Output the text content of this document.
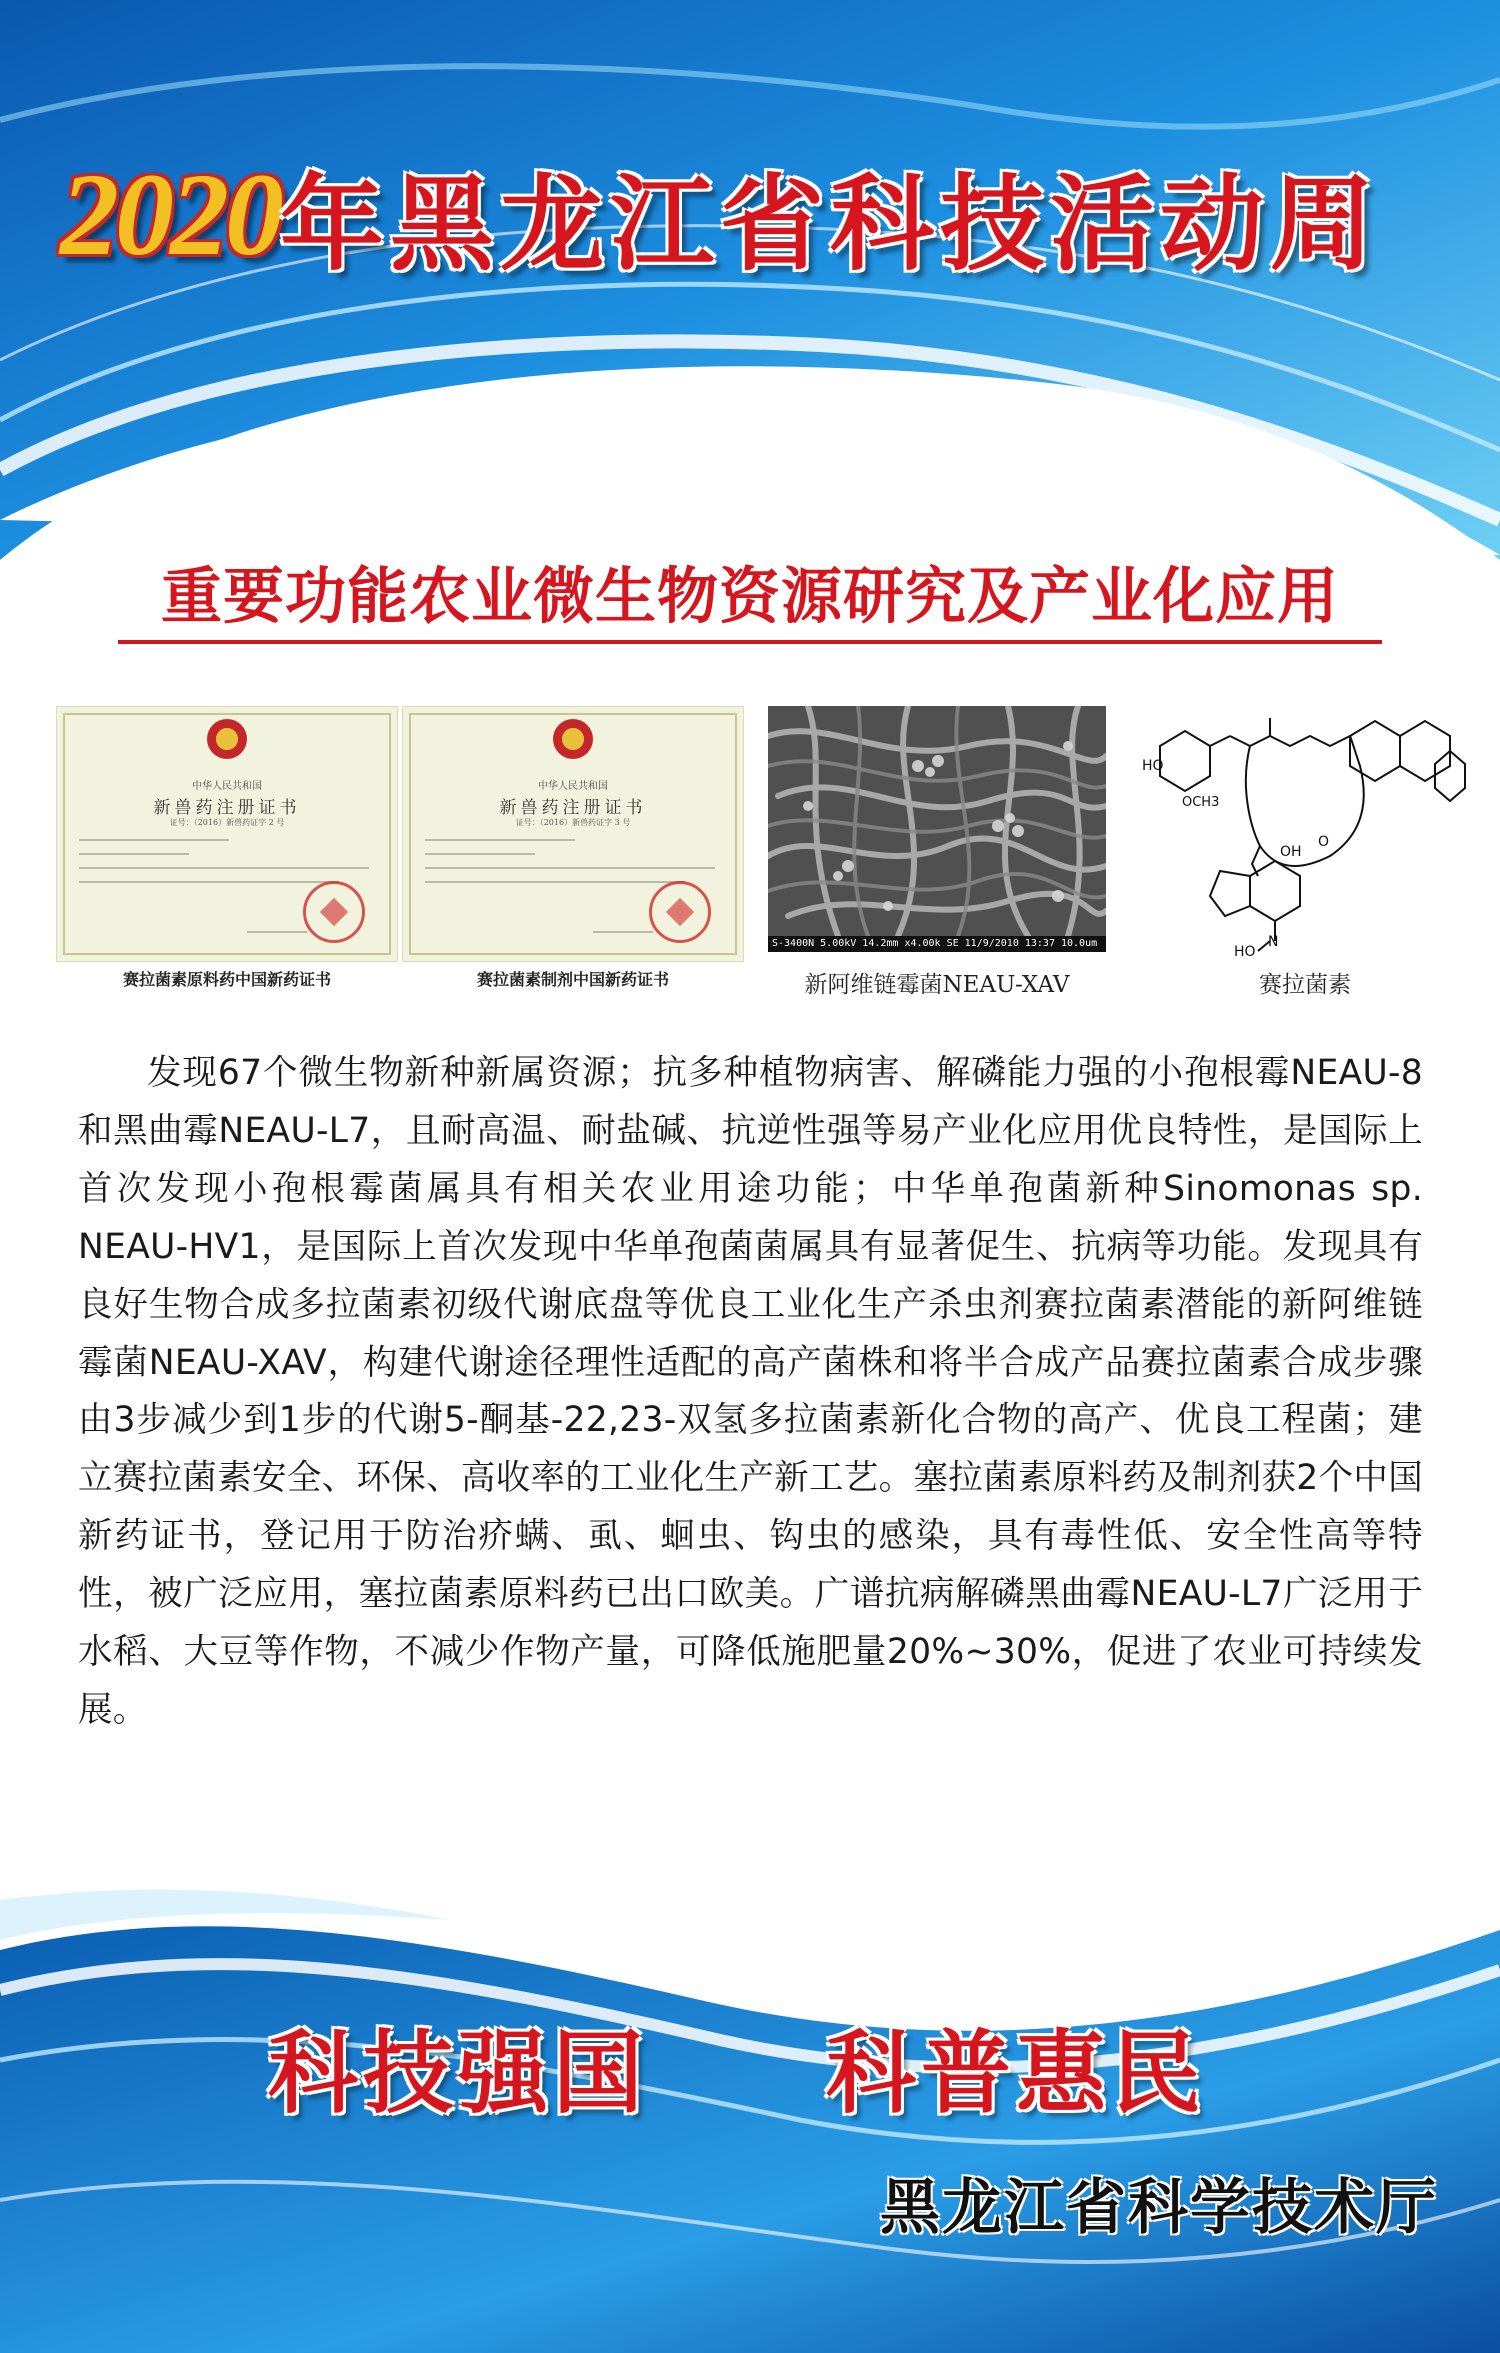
2020年黑龙江省科技活动周
重要功能农业微生物资源研究及产业化应用
中华人民共和国
新兽药注册证书
证号：（2016）新兽药证字 2 号
中华人民共和国
新兽药注册证书
证号：（2016）新兽药证字 3 号
S-3400N 5.00kV 14.2mm x4.00k SE 11/9/2010 13:37 10.0um
HO
OCH3
OH
N
HO
O
赛拉菌素原料药中国新药证书	赛拉菌素制剂中国新药证书	新阿维链霉菌NEAU-XAV	赛拉菌素
发现67个微生物新种新属资源；抗多种植物病害、解磷能力强的小孢根霉NEAU-8和黑曲霉NEAU-L7，且耐高温、耐盐碱、抗逆性强等易产业化应用优良特性，是国际上首次发现小孢根霉菌属具有相关农业用途功能；中华单孢菌新种Sinomonas sp. NEAU-HV1，是国际上首次发现中华单孢菌菌属具有显著促生、抗病等功能。发现具有良好生物合成多拉菌素初级代谢底盘等优良工业化生产杀虫剂赛拉菌素潜能的新阿维链霉菌NEAU-XAV，构建代谢途径理性适配的高产菌株和将半合成产品赛拉菌素合成步骤由3步减少到1步的代谢5-酮基-22,23-双氢多拉菌素新化合物的高产、优良工程菌；建立赛拉菌素安全、环保、高收率的工业化生产新工艺。塞拉菌素原料药及制剂获2个中国新药证书，登记用于防治疥螨、虱、蛔虫、钩虫的感染，具有毒性低、安全性高等特性，被广泛应用，塞拉菌素原料药已出口欧美。广谱抗病解磷黑曲霉NEAU-L7广泛用于水稻、大豆等作物，不减少作物产量，可降低施肥量20%~30%，促进了农业可持续发展。
科技强国 科普惠民
黑龙江省科学技术厅
